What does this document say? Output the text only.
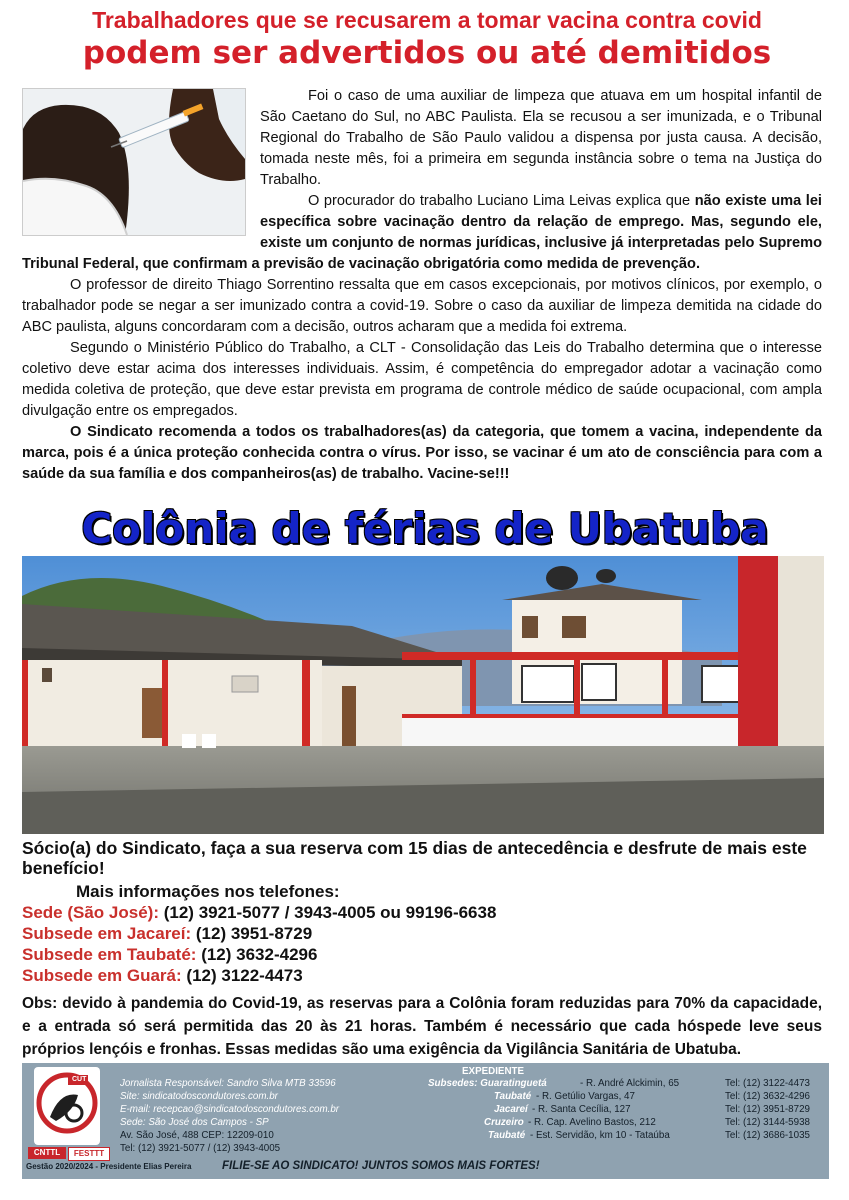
Trabalhadores que se recusarem a tomar vacina contra covid
podem ser advertidos ou até demitidos

Foi o caso de uma auxiliar de limpeza que atuava em um hospital infantil de São Caetano do Sul, no ABC Paulista. Ela se recusou a ser imunizada, e o Tribunal Regional do Trabalho de São Paulo validou a dispensa por justa causa. A decisão, tomada neste mês, foi a primeira em segunda instância sobre o tema na Justiça do Trabalho.

O procurador do trabalho Luciano Lima Leivas explica que não existe uma lei específica sobre vacinação dentro da relação de emprego. Mas, segundo ele, existe um conjunto de normas jurídicas, inclusive já interpretadas pelo Supremo Tribunal Federal, que confirmam a previsão de vacinação obrigatória como medida de prevenção.

O professor de direito Thiago Sorrentino ressalta que em casos excepcionais, por motivos clínicos, por exemplo, o trabalhador pode se negar a ser imunizado contra a covid-19. Sobre o caso da auxiliar de limpeza demitida na cidade do ABC paulista, alguns concordaram com a decisão, outros acharam que a medida foi extrema.

Segundo o Ministério Público do Trabalho, a CLT - Consolidação das Leis do Trabalho determina que o interesse coletivo deve estar acima dos interesses individuais. Assim, é competência do empregador adotar a vacinação como medida coletiva de proteção, que deve estar prevista em programa de controle médico de saúde ocupacional, com ampla divulgação entre os empregados.

O Sindicato recomenda a todos os trabalhadores(as) da categoria, que tomem a vacina, independente da marca, pois é a única proteção conhecida contra o vírus. Por isso, se vacinar é um ato de consciência para com a saúde da sua família e dos companheiros(as) de trabalho. Vacine-se!!!

Colônia de férias de Ubatuba
Sócio(a) do Sindicato, faça a sua reserva com 15 dias de antecedência e desfrute de mais este benefício!
Mais informações nos telefones:
Sede (São José): (12) 3921-5077 / 3943-4005 ou 99196-6638
Subsede em Jacareí: (12) 3951-8729
Subsede em Taubaté: (12) 3632-4296
Subsede em Guará: (12) 3122-4473
Obs: devido à pandemia do Covid-19, as reservas para a Colônia foram reduzidas para 70% da capacidade, e a entrada só será permitida das 20 às 21 horas. Também é necessário que cada hóspede leve seus próprios lençóis e fronhas. Essas medidas são uma exigência da Vigilância Sanitária de Ubatuba.
CUT
CNTTL	FESTTT
Gestão 2020/2024 - Presidente Elias Pereira
EXPEDIENTE
Jornalista Responsável: Sandro Silva MTB 33596
Site: sindicatodoscondutores.com.br
E-mail: recepcao@sindicatodoscondutores.com.br
Sede: São José dos Campos - SP
Av. São José, 488 CEP: 12209-010
Tel: (12) 3921-5077 / (12) 3943-4005
Subsedes: Guaratinguetá	- R. André Alckimin, 65	Tel: (12) 3122-4473
Taubaté - R. Getúlio Vargas, 47	Tel: (12) 3632-4296
Jacareí - R. Santa Cecília, 127	Tel: (12) 3951-8729
Cruzeiro - R. Cap. Avelino Bastos, 212	Tel: (12) 3144-5938
Taubaté - Est. Servidão, km 10 - Tataúba	Tel: (12) 3686-1035
FILIE-SE AO SINDICATO! JUNTOS SOMOS MAIS FORTES!
